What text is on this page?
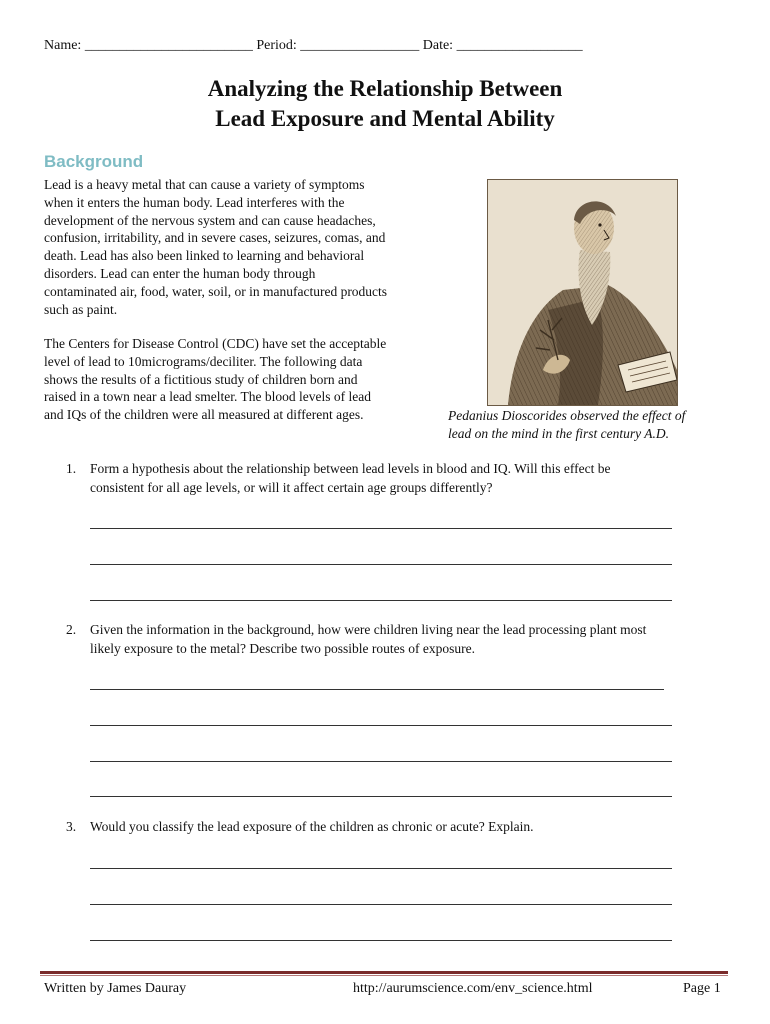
Name: ________________________ Period: _________________ Date: __________________
Analyzing the Relationship Between
Lead Exposure and Mental Ability
Background

Lead is a heavy metal that can cause a variety of symptoms

when it enters the human body. Lead interferes with the

development of the nervous system and can cause headaches,

confusion, irritability, and in severe cases, seizures, comas, and

death. Lead has also been linked to learning and behavioral

disorders. Lead can enter the human body through

contaminated air, food, water, soil, or in manufactured products

such as paint.

The Centers for Disease Control (CDC) have set the acceptable

level of lead to 10micrograms/deciliter. The following data

shows the results of a fictitious study of children born and

raised in a town near a lead smelter. The blood levels of lead

and IQs of the children were all measured at different ages.	Pedanius Dioscorides observed the effect of

lead on the mind in the first century A.D.

1. Form a hypothesis about the relationship between lead levels in blood and IQ. Will this effect be

consistent for all age levels, or will it affect certain age groups differently?

2. Given the information in the background, how were children living near the lead processing plant most

likely exposure to the metal? Describe two possible routes of exposure.

3. Would you classify the lead exposure of the children as chronic or acute? Explain.

Written by James Dauray	http://aurumscience.com/env_science.html	Page 1
